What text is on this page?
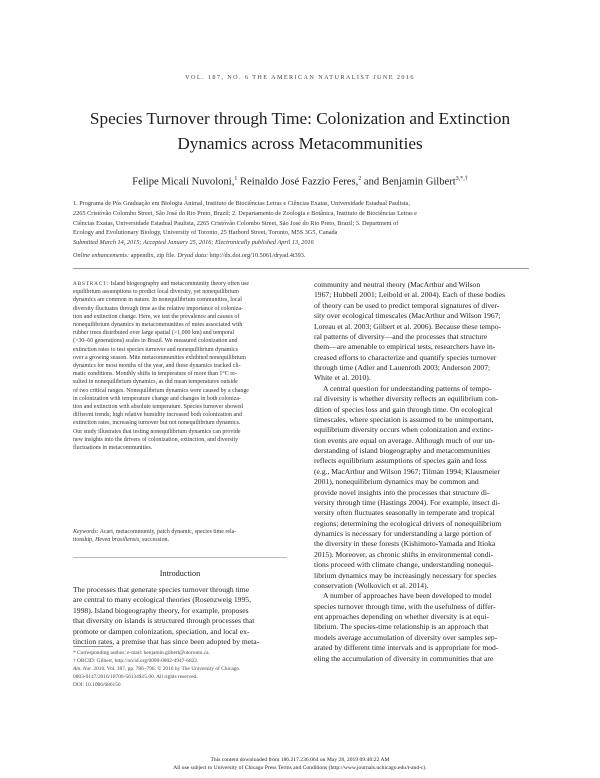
VOL. 187, NO. 6 THE AMERICAN NATURALIST JUNE 2016
Species Turnover through Time: Colonization and Extinction
Dynamics across Metacommunities
Felipe Micali Nuvoloni,$^1$ Reinaldo José Fazzio Feres,$^2$ and Benjamin Gilbert$^{3,*,\dagger}$
1. Programa de Pós Graduação em Biologia Animal, Instituto de Biociências Letras e Ciências Exatas, Universidade Estadual Paulista,
2265 Cristóvão Colombo Street, São José do Rio Preto, Brazil; 2. Departamento de Zoologia e Botânica, Instituto de Biociências Letras e
Ciências Exatas, Universidade Estadual Paulista, 2265 Cristóvão Colombo Street, São José do Rio Preto, Brazil; 3. Department of
Ecology and Evolutionary Biology, University of Toronto, 25 Harbord Street, Toronto, M5S 3G5, Canada
Submitted March 14, 2015; Accepted January 25, 2016; Electronically published April 13, 2016
Online enhancements: appendix, zip file. Dryad data: http://dx.doi.org/10.5061/dryad.4t393.
ABSTRACT: Island biogeography and metacommunity theory often use
equilibrium assumptions to predict local diversity, yet nonequilibrium
dynamics are common in nature. In nonequilibrium communities, local
diversity fluctuates through time as the relative importance of coloniza-
tion and extinction change. Here, we test the prevalence and causes of
nonequilibrium dynamics in metacommunities of mites associated with
rubber trees distributed over large spatial (>1,000 km) and temporal
(>30–60 generations) scales in Brazil. We measured colonization and
extinction rates to test species turnover and nonequilibrium dynamics
over a growing season. Mite metacommunities exhibited nonequilibrium
dynamics for most months of the year, and these dynamics tracked cli-
matic conditions. Monthly shifts in temperature of more than 1°C re-
sulted in nonequilibrium dynamics, as did mean temperatures outside
of two critical ranges. Nonequilibrium dynamics were caused by a change
in colonization with temperature change and changes in both coloniza-
tion and extinction with absolute temperature. Species turnover showed
different trends; high relative humidity increased both colonization and
extinction rates, increasing turnover but not nonequilibrium dynamics.
Our study illustrates that testing nonequilibrium dynamics can provide
new insights into the drivers of colonization, extinction, and diversity
fluctuations in metacommunities.
Keywords: Acari, metacommunity, patch dynamic, species time rela-
tionship, Hevea brasiliensis, succession.
Introduction
The processes that generate species turnover through time
are central to many ecological theories (Rosenzweig 1995,
1998). Island biogeography theory, for example, proposes
that diversity on islands is structured through processes that
promote or dampen colonization, speciation, and local ex-
tinction rates, a premise that has since been adopted by meta-
* Corresponding author; e-mail: benjamin.gilbert@utoronto.ca.
† ORCID: Gilbert, http://orcid.org/0000-0002-4947-6822.
Am. Nat. 2016. Vol. 187, pp. 786–796. © 2016 by The University of Chicago.
0003-0147/2016/18706-56134$15.00. All rights reserved.
DOI: 10.1086/686150

community and neutral theory (MacArthur and Wilson
1967; Hubbell 2001; Leibold et al. 2004). Each of these bodies
of theory can be used to predict temporal signatures of diver-
sity over ecological timescales (MacArthur and Wilson 1967;
Loreau et al. 2003; Gilbert et al. 2006). Because these tempo-
ral patterns of diversity—and the processes that structure
them—are amenable to empirical tests, researchers have in-
creased efforts to characterize and quantify species turnover
through time (Adler and Lauenroth 2003; Anderson 2007;
White et al. 2010).

A central question for understanding patterns of tempo-
ral diversity is whether diversity reflects an equilibrium con-
dition of species loss and gain through time. On ecological
timescales, where speciation is assumed to be unimportant,
equilibrium diversity occurs when colonization and extinc-
tion events are equal on average. Although much of our un-
derstanding of island biogeography and metacommunities
reflects equilibrium assumptions of species gain and loss
(e.g., MacArthur and Wilson 1967; Tilman 1994; Klausmeier
2001), nonequilibrium dynamics may be common and
provide novel insights into the processes that structure di-
versity through time (Hastings 2004). For example, insect di-
versity often fluctuates seasonally in temperate and tropical
regions; determining the ecological drivers of nonequilibrium
dynamics is necessary for understanding a large portion of
the diversity in these forests (Kishimoto-Yamada and Itioka
2015). Moreover, as chronic shifts in environmental condi-
tions proceed with climate change, understanding nonequi-
librium dynamics may be increasingly necessary for species
conservation (Wolkovich et al. 2014).

A number of approaches have been developed to model
species turnover through time, with the usefulness of differ-
ent approaches depending on whether diversity is at equi-
librium. The species-time relationship is an approach that
models average accumulation of diversity over samples sep-
arated by different time intervals and is appropriate for mod-
eling the accumulation of diversity in communities that are

This content downloaded from 186.217.236.064 on May 28, 2019 09:40:22 AM
All use subject to University of Chicago Press Terms and Conditions (http://www.journals.uchicago.edu/t-and-c).
